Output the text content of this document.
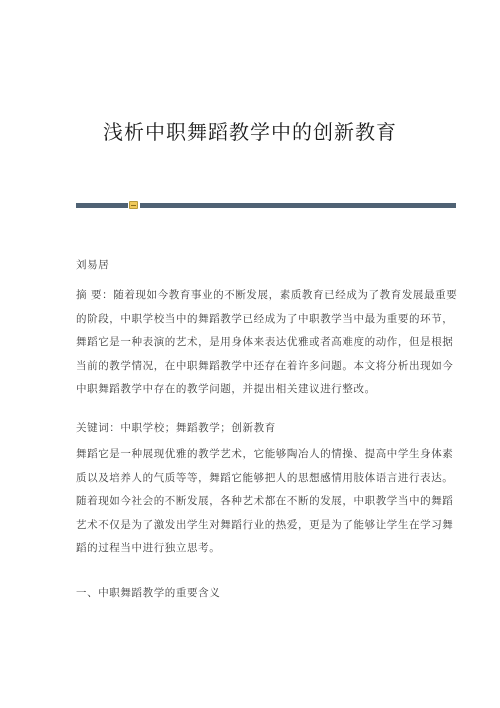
浅析中职舞蹈教学中的创新教育
刘易居
摘 要：随着现如今教育事业的不断发展，素质教育已经成为了教育发展最重要
的阶段，中职学校当中的舞蹈教学已经成为了中职教学当中最为重要的环节，
舞蹈它是一种表演的艺术，是用身体来表达优雅或者高难度的动作，但是根据
当前的教学情况，在中职舞蹈教学中还存在着许多问题。本文将分析出现如今
中职舞蹈教学中存在的教学问题，并提出相关建议进行整改。
关键词：中职学校；舞蹈教学；创新教育
舞蹈它是一种展现优雅的教学艺术，它能够陶冶人的情操、提高中学生身体素
质以及培养人的气质等等，舞蹈它能够把人的思想感情用肢体语言进行表达。
随着现如今社会的不断发展，各种艺术都在不断的发展，中职教学当中的舞蹈
艺术不仅是为了激发出学生对舞蹈行业的热爱，更是为了能够让学生在学习舞
蹈的过程当中进行独立思考。
一、中职舞蹈教学的重要含义
